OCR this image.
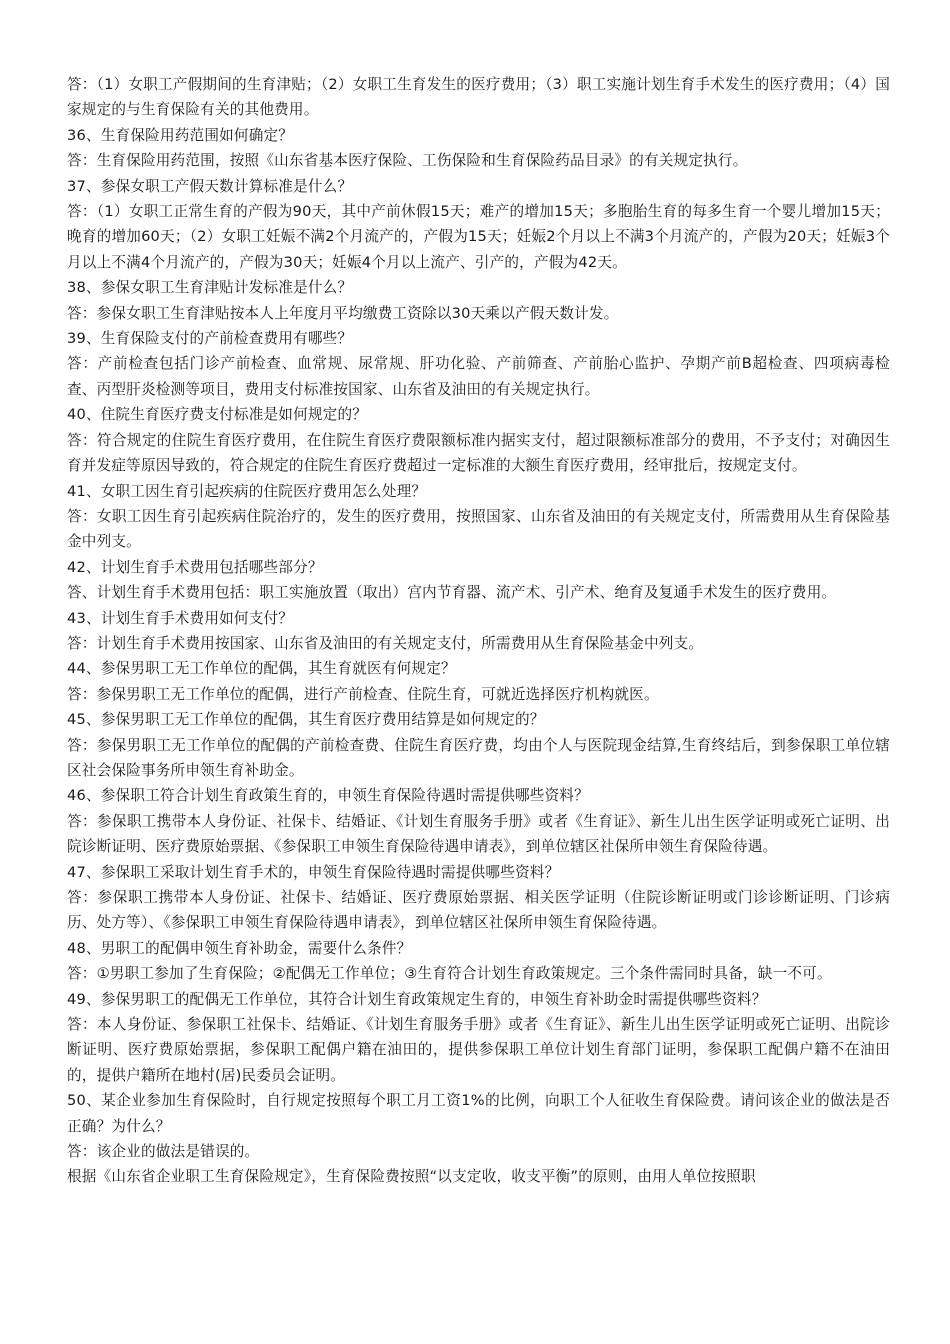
答：（1）女职工产假期间的生育津贴；（2）女职工生育发生的医疗费用；（3）职工实施计划生育手术发生的医疗费用；（4）国家规定的与生育保险有关的其他费用。

36、生育保险用药范围如何确定？

答：生育保险用药范围，按照《山东省基本医疗保险、工伤保险和生育保险药品目录》的有关规定执行。

37、参保女职工产假天数计算标准是什么？

答：（1）女职工正常生育的产假为90天，其中产前休假15天；难产的增加15天；多胞胎生育的每多生育一个婴儿增加15天；晚育的增加60天；（2）女职工妊娠不满2个月流产的，产假为15天；妊娠2个月以上不满3个月流产的，产假为20天；妊娠3个月以上不满4个月流产的，产假为30天；妊娠4个月以上流产、引产的，产假为42天。

38、参保女职工生育津贴计发标准是什么？

答：参保女职工生育津贴按本人上年度月平均缴费工资除以30天乘以产假天数计发。

39、生育保险支付的产前检查费用有哪些？

答：产前检查包括门诊产前检查、血常规、尿常规、肝功化验、产前筛查、产前胎心监护、孕期产前B超检查、四项病毒检查、丙型肝炎检测等项目，费用支付标准按国家、山东省及油田的有关规定执行。

40、住院生育医疗费支付标准是如何规定的？

答：符合规定的住院生育医疗费用，在住院生育医疗费限额标准内据实支付，超过限额标准部分的费用，不予支付；对确因生育并发症等原因导致的，符合规定的住院生育医疗费超过一定标准的大额生育医疗费用，经审批后，按规定支付。

41、女职工因生育引起疾病的住院医疗费用怎么处理？

答：女职工因生育引起疾病住院治疗的，发生的医疗费用，按照国家、山东省及油田的有关规定支付，所需费用从生育保险基金中列支。

42、计划生育手术费用包括哪些部分？

答、计划生育手术费用包括：职工实施放置（取出）宫内节育器、流产术、引产术、绝育及复通手术发生的医疗费用。

43、计划生育手术费用如何支付？

答：计划生育手术费用按国家、山东省及油田的有关规定支付，所需费用从生育保险基金中列支。

44、参保男职工无工作单位的配偶，其生育就医有何规定？

答：参保男职工无工作单位的配偶，进行产前检查、住院生育，可就近选择医疗机构就医。

45、参保男职工无工作单位的配偶，其生育医疗费用结算是如何规定的？

答：参保男职工无工作单位的配偶的产前检查费、住院生育医疗费，均由个人与医院现金结算,生育终结后，到参保职工单位辖区社会保险事务所申领生育补助金。

46、参保职工符合计划生育政策生育的，申领生育保险待遇时需提供哪些资料？

答：参保职工携带本人身份证、社保卡、结婚证、《计划生育服务手册》或者《生育证》、新生儿出生医学证明或死亡证明、出院诊断证明、医疗费原始票据、《参保职工申领生育保险待遇申请表》，到单位辖区社保所申领生育保险待遇。

47、参保职工采取计划生育手术的，申领生育保险待遇时需提供哪些资料？

答：参保职工携带本人身份证、社保卡、结婚证、医疗费原始票据、相关医学证明（住院诊断证明或门诊诊断证明、门诊病历、处方等）、《参保职工申领生育保险待遇申请表》，到单位辖区社保所申领生育保险待遇。

48、男职工的配偶申领生育补助金，需要什么条件？

答：①男职工参加了生育保险；②配偶无工作单位；③生育符合计划生育政策规定。三个条件需同时具备，缺一不可。

49、参保男职工的配偶无工作单位，其符合计划生育政策规定生育的，申领生育补助金时需提供哪些资料？

答：本人身份证、参保职工社保卡、结婚证、《计划生育服务手册》或者《生育证》、新生儿出生医学证明或死亡证明、出院诊断证明、医疗费原始票据，参保职工配偶户籍在油田的，提供参保职工单位计划生育部门证明，参保职工配偶户籍不在油田的，提供户籍所在地村(居)民委员会证明。

50、某企业参加生育保险时，自行规定按照每个职工月工资1%的比例，向职工个人征收生育保险费。请问该企业的做法是否正确？为什么？

答：该企业的做法是错误的。

根据《山东省企业职工生育保险规定》，生育保险费按照“以支定收，收支平衡”的原则，由用人单位按照职
